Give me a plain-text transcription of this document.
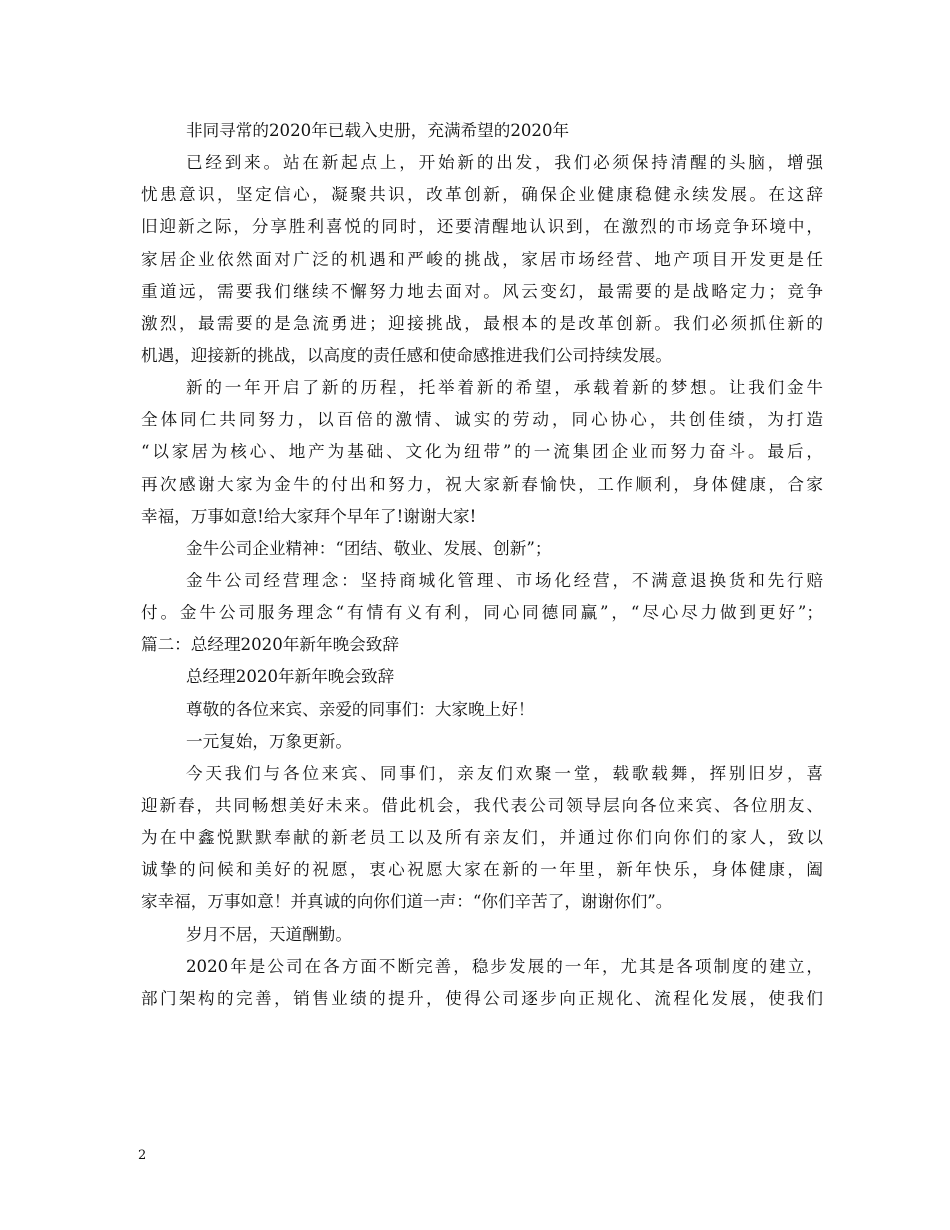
非同寻常的2020年已载入史册，充满希望的2020年
已经到来。站在新起点上，开始新的出发，我们必须保持清醒的头脑，增强
忧患意识，坚定信心，凝聚共识，改革创新，确保企业健康稳健永续发展。在这辞
旧迎新之际，分享胜利喜悦的同时，还要清醒地认识到，在激烈的市场竞争环境中，
家居企业依然面对广泛的机遇和严峻的挑战，家居市场经营、地产项目开发更是任
重道远，需要我们继续不懈努力地去面对。风云变幻，最需要的是战略定力；竞争
激烈，最需要的是急流勇进；迎接挑战，最根本的是改革创新。我们必须抓住新的
机遇，迎接新的挑战，以高度的责任感和使命感推进我们公司持续发展。
新的一年开启了新的历程，托举着新的希望，承载着新的梦想。让我们金牛
全体同仁共同努力，以百倍的激情、诚实的劳动，同心协心，共创佳绩，为打造
“以家居为核心、地产为基础、文化为纽带”的一流集团企业而努力奋斗。最后，
再次感谢大家为金牛的付出和努力，祝大家新春愉快，工作顺利，身体健康，合家
幸福，万事如意!给大家拜个早年了!谢谢大家!
金牛公司企业精神：“团结、敬业、发展、创新”；
金牛公司经营理念：坚持商城化管理、市场化经营，不满意退换货和先行赔
付。金牛公司服务理念“有情有义有利，同心同德同赢”，“尽心尽力做到更好”；
篇二：总经理2020年新年晚会致辞
总经理2020年新年晚会致辞
尊敬的各位来宾、亲爱的同事们：大家晚上好！
一元复始，万象更新。
今天我们与各位来宾、同事们，亲友们欢聚一堂，载歌载舞，挥别旧岁，喜
迎新春，共同畅想美好未来。借此机会，我代表公司领导层向各位来宾、各位朋友、
为在中鑫悦默默奉献的新老员工以及所有亲友们，并通过你们向你们的家人，致以
诚挚的问候和美好的祝愿，衷心祝愿大家在新的一年里，新年快乐，身体健康，阖
家幸福，万事如意！并真诚的向你们道一声：“你们辛苦了，谢谢你们”。
岁月不居，天道酬勤。
2020年是公司在各方面不断完善，稳步发展的一年，尤其是各项制度的建立，
部门架构的完善，销售业绩的提升，使得公司逐步向正规化、流程化发展，使我们
2
